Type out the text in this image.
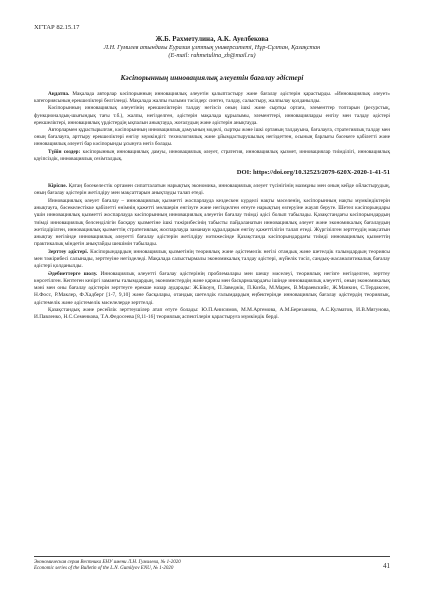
ХГТАР 82.15.17
Ж.Б. Рахметулина, А.К. Ауелбекова
Л.Н. Гумилев атындағы Еуразия ұлттық университеті, Нұр-Сұлтан, Қазақстан
(E-mail: rahmetulina_zh@mail.ru)
Кәсіпорынның инновациялық әлеуетін бағалау әдістері

Аңдатпа. Мақалада авторлар кәсіпорынның инновациялық әлеуетін қалыптастыру және бағалау әдістерін қарастырды. «Инновациялық әлеует» категориясының ерекшеліктері белгіленді. Мақалада жалпы ғылыми тәсілдер: синтез, талдау, салыстыру, жалпылау қолданылды.

Кәсіпорынның инновациялық әлеуетінің ерекшеліктерін талдау негізсіз оның ішкі және сыртқы ортаға, элементтер топтарын (ресурстық, функционалдық-шығындық тағы т.б.), жалпы, негізделген, әдістерін мақалада құрылымы, элементтері, инновацияларды енгізу мен талдау әдістері ерекшеліктері, инновациялық үрдістердің ықпалын анықтауда, жоғалудың және әдістерін анықтауда.

Авторлармен құрастырылған, кәсіпорынның инновациялық дамуының моделі, сыртқы және ішкі ортаның талдауына, бағалауға, стратегиялық талдау мен оның бағалауға, арттыру ерекшеліктері енгізу мүмкіндігі: технологиялық және ұйымдастырушылық негіздеттен, осының барлығы бәсекеге қабілетті және инновациялық әлеуеті бар кәсіпорынды ұсынуға негіз болады.

Түйін сөздер: кәсіпорынның инновациялық дамуы, инновациялық әлеует, стратегия, инновациялық қызмет, инновациялар тиімділігі, инновациялық қауіпсіздік, инновациялық сезімталдық.

DOI: https://doi.org/10.32523/2079-620X-2020-1-41-51

Кіріспе. Қатаң бәсекелестік ортамен сипатталатын нарықтық экономика, инновациялық әлеует түсінігінің мазмұны мен оның кейде ойластырудың, оның бағалау әдістерін жетілдіру мен мақсаттарын анықтауды талап етеді.

Инновациялық әлеует бағалау – инновациялық қызметті жоспарлауда кездескен күрделі нақты мәселенің, кәсіпорынның нақты мүмкіндіктерін анықтауға, бәсекелестікке қабілетті өнімнің қажетті мөлшерін енгізуге және негізделген өтеуге нарықтың өзгеруіне жауап беруге. Шетел кәсіпорындары үшін инновациялық қызметті жоспарлауда кәсіпорынның инновациялық әлеуетін бағалау тиімді әдісі болып табылады. Қазақстандағы кәсіпорындардың тиімді инновациялық белсенділігін басқару қызметіне ішкі тәжірибесінің табысты пайдаланатын инновациялық әлеует және экономикалық бағалаудың жетілдірілген, инновациялық қызметтің стратегиялық жоспарлауда заманауи құралдарын енгізу қажеттілігін талап етеді. Жүргізілген зерттеудің мақсатын анықтау негізінде инновациялық әлеуетті бағалау әдістерін жетілдіру нәтижесінде Қазақстанда кәсіпорындардағы тиімді инновациялық қызметтің практикалық міндетін анықтайды шешімін табылады.

Зерттеу әдістері. Кәсіпорындардың инновациялық қызметінің теориялық және әдістемелік негізі отандық және шетелдік ғалымдардың теориясы мен тәжірибесі салынады, зерттеуіне негізделеді. Мақалада салыстырмалы экономикалық талдау әдістері, жүйелік тәсіл, сандық-жасаналитикалық бағалау әдістері қолданылды.

Әдебиеттерге шолу. Инновациялық әлеуетті бағалау әдістерінің проблемалары мен шешу мәселеуі, теориялық негізге негізделген, зерттеу көрсетілген. Кептеген кезіргі заманғы ғалымдардың, экономистердің және қаржы мен басқармалардағы ішінде инновациялық әлеуетті, оның экономикалық мәні мен оны бағалау әдістерін зерттеуге ерекше назар аударады: Ж.Бікоуң, П.Заведжік, П.Козба, М.Марек, В.Мараевскийс, Ж.Манкин, С.Тердаксен, Н.Фосс, Р.Маклер, Ф.Хадберг [1-7, 9,10] және басқалары, отандық шетелдік ғалымдардың еңбектерінде инновациялық бағалау әдістердің теориялық, әдістемелік және әдістемелік мәселелерде зерттелді.

Қазақстандық және ресейлік зерттеушілер атап өтуге болады: Ю.П.Анисимов, М.М.Артемова, А.М.Березанова, А.С.Кулматов, И.В.Мягунова, И.Павленко, Н.С.Семенкова, Т.А.Федосеева [8,11-16] теориялық аспектілерін қарастыруға мүмкіндік берді.

Экономическая серия Вестника ЕНУ имени Л.Н. Гумилева, № 1-2020
Economic series of the Bulletin of the L.N. Gumilyov ENU, № 1-2020	41
